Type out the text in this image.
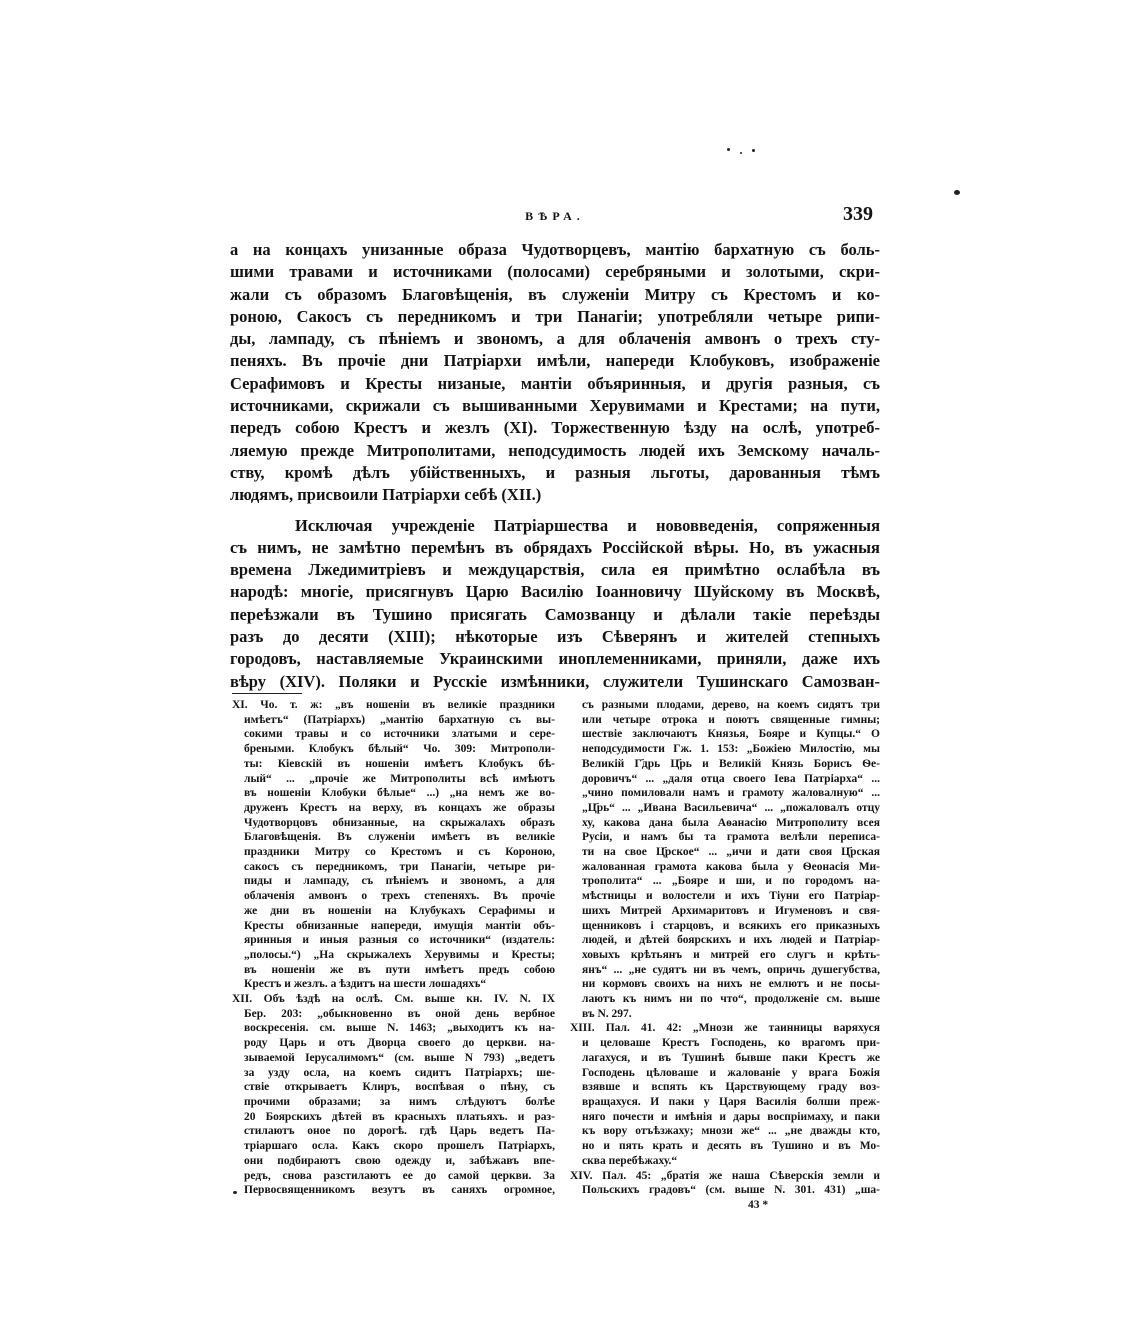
ВѢРА.	339
а на концахъ унизанные образа Чудотворцевъ, мантію бархатную съ боль-
шими травами и источниками (полосами) серебряными и золотыми, скри-
жали съ образомъ Благовѣщенія, въ служеніи Митру съ Крестомъ и ко-
роною, Сакосъ съ передникомъ и три Панагіи; употребляли четыре рипи-
ды, лампаду, съ пѣніемъ и звономъ, а для облаченія амвонъ о трехъ сту-
пеняхъ. Въ прочіе дни Патріархи имѣли, напереди Клобуковъ, изображеніе
Серафимовъ и Кресты низаные, мантіи объяринныя, и другія разныя, съ
источниками, скрижали съ вышиванными Херувимами и Крестами; на пути,
передъ собою Крестъ и жезлъ (XI). Торжественную ѣзду на ослѣ, употреб-
ляемую прежде Митрополитами, неподсудимость людей ихъ Земскому началь-
ству, кромѣ дѣлъ убійственныхъ, и разныя льготы, дарованныя тѣмъ
людямъ, присвоили Патріархи себѣ (XII.)
Исключая учрежденіе Патріаршества и нововведенія, сопряженныя
съ нимъ, не замѣтно перемѣнъ въ обрядахъ Россійской вѣры. Но, въ ужасныя
времена Лжедимитріевъ и междуцарствія, сила ея примѣтно ослабѣла въ
народѣ: многіе, присягнувъ Царю Василію Іоанновичу Шуйскому въ Москвѣ,
переѣзжали въ Тушино присягать Самозванцу и дѣлали такіе переѣзды
разъ до десяти (XIII); нѣкоторые изъ Сѣверянъ и жителей степныхъ
городовъ, наставляемые Украинскими иноплеменниками, приняли, даже ихъ
вѣру (XIV). Поляки и Русскіе измѣнники, служители Тушинскаго Самозван-
XI. Чо. т. ж: „въ ношеніи въ великіе праздники
имѣетъ“ (Патріархъ) „мантію бархатную съ вы-
сокими травы и со источники златыми и сере-
бреными. Клобукъ бѣлый“ Чо. 309: Митрополи-
ты: Кіевскій въ ношеніи имѣетъ Клобукъ бѣ-
лый“ ... „прочіе же Митрополиты всѣ имѣютъ
въ ношеніи Клобуки бѣлые“ ...) „на немъ же во-
друженъ Крестъ на верху, въ концахъ же образы
Чудотворцовъ обнизанные, на скрыжалахъ образъ
Благовѣщенія. Въ служеніи имѣетъ въ великіе
праздники Митру со Крестомъ и съ Короною,
сакосъ съ передникомъ, три Панагіи, четыре ри-
пиды и лампаду, съ пѣніемъ и звономъ, а для
облаченія амвонъ о трехъ степеняхъ. Въ прочіе
же дни въ ношеніи на Клубукахъ Серафимы и
Кресты обнизанные напереди, имущія мантіи объ-
яринныя и иныя разныя со источники“ (издатель:
„полосы.“) „На скрыжалехъ Херувимы и Кресты;
въ ношеніи же въ пути имѣетъ предъ собою
Крестъ и жезлъ. а ѣздитъ на шести лошадяхъ“
XII. Объ ѣздѣ на ослѣ. См. выше кн. IV. N. IX
Бер. 203: „обыкновенно въ оной день вербное
воскресенія. см. выше N. 1463; „выходитъ къ на-
роду Царь и отъ Дворца своего до церкви. на-
зываемой Іерусалимомъ“ (см. выше N 793) „ведетъ
за узду осла, на коемъ сидитъ Патріархъ; ше-
ствіе открываетъ Клиръ, воспѣвая о пѣну, съ
прочими образами; за нимъ слѣдуютъ болѣе
20 Боярскихъ дѣтей въ красныхъ платьяхъ. и раз-
стилаютъ оное по дорогѣ. гдѣ Царь ведетъ Па-
тріаршаго осла. Какъ скоро прошелъ Патріархъ,
они подбираютъ свою одежду и, забѣжавъ впе-
редъ, снова разстилаютъ ее до самой церкви. За
Первосвященникомъ везутъ въ саняхъ огромное,
съ разными плодами, дерево, на коемъ сидятъ три
или четыре отрока и поютъ священные гимны;
шествіе заключаютъ Князья, Бояре и Купцы.“ О
неподсудимости Гж. 1. 153: „Божіею Милостію, мы
Великій Г҃дрь Ц҃рь и Великій Князь Борисъ Ѳе-
доровичъ“ ... „даля отца своего Іева Патріарха“ ...
„чино помиловали намъ и грамоту жаловалную“ ...
„Ц҃рь“ ... „Ивана Васильевича“ ... „пожаловалъ отцу
ху, какова дана была Аѳанасію Митрополиту всея
Русіи, и намъ бы та грамота велѣли переписа-
ти на свое Ц҃рское“ ... „ичи и дати своя Ц҃рская
жалованная грамота какова была у Ѳеонасія Ми-
трополита“ ... „Бояре и ши, и по городомъ на-
мѣстницы и волостели и ихъ Тіуни его Патріар-
шихъ Митрей Архимаритовъ и Игуменовъ и свя-
щенниковъ і старцовъ, и всякихъ его приказныхъ
людей, и дѣтей боярскихъ и ихъ людей и Патріар-
ховыхъ крѣтьянъ и митрей его слугъ и крѣть-
янъ“ ... „не судятъ ни въ чемъ, опричь душегубства,
ни кормовъ своихъ на нихъ не емлютъ и не посы-
лаютъ къ нимъ ни по что“, продолженіе см. выше
въ N. 297.
XIII. Пал. 41. 42: „Мнози же таинницы варяхуся
и целоваше Крестъ Господень, ко врагомъ при-
лагахуся, и въ Тушинѣ бывше паки Крестъ же
Господень цѣловаше и жалованіе у врага Божія
взявше и вспять къ Царствующему граду воз-
вращахуся. И паки у Царя Василія болши преж-
няго почести и имѣнія и дары воспріимаху, и паки
къ вору отъѣзжаху; мнози же“ ... „не дважды кто,
но и пять крать и десять въ Тушино и въ Мо-
сква перебѣжаху.“
XIV. Пал. 45: „братія же наша Сѣверскія земли и
Польскихъ градовъ“ (см. выше N. 301. 431) „ша-
43 *
